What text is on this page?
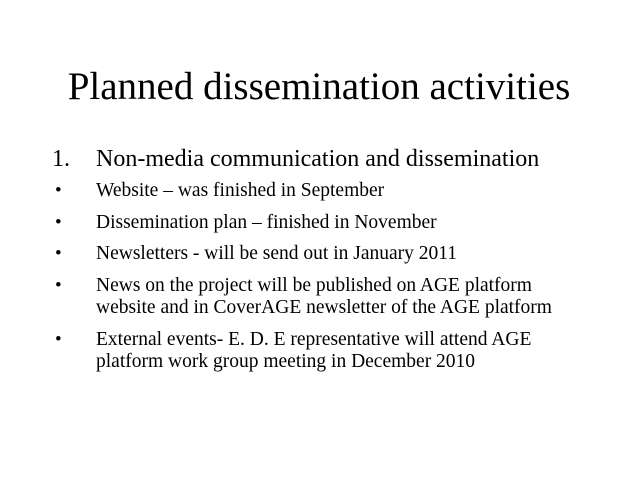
Planned dissemination activities
1. Non-media communication and dissemination
• Website – was finished in September
• Dissemination plan – finished in November
• Newsletters - will be send out in January 2011
• News on the project will be published on AGE platform website and in CoverAGE newsletter of the AGE platform
• External events- E. D. E representative will attend AGE platform work group meeting in December 2010
